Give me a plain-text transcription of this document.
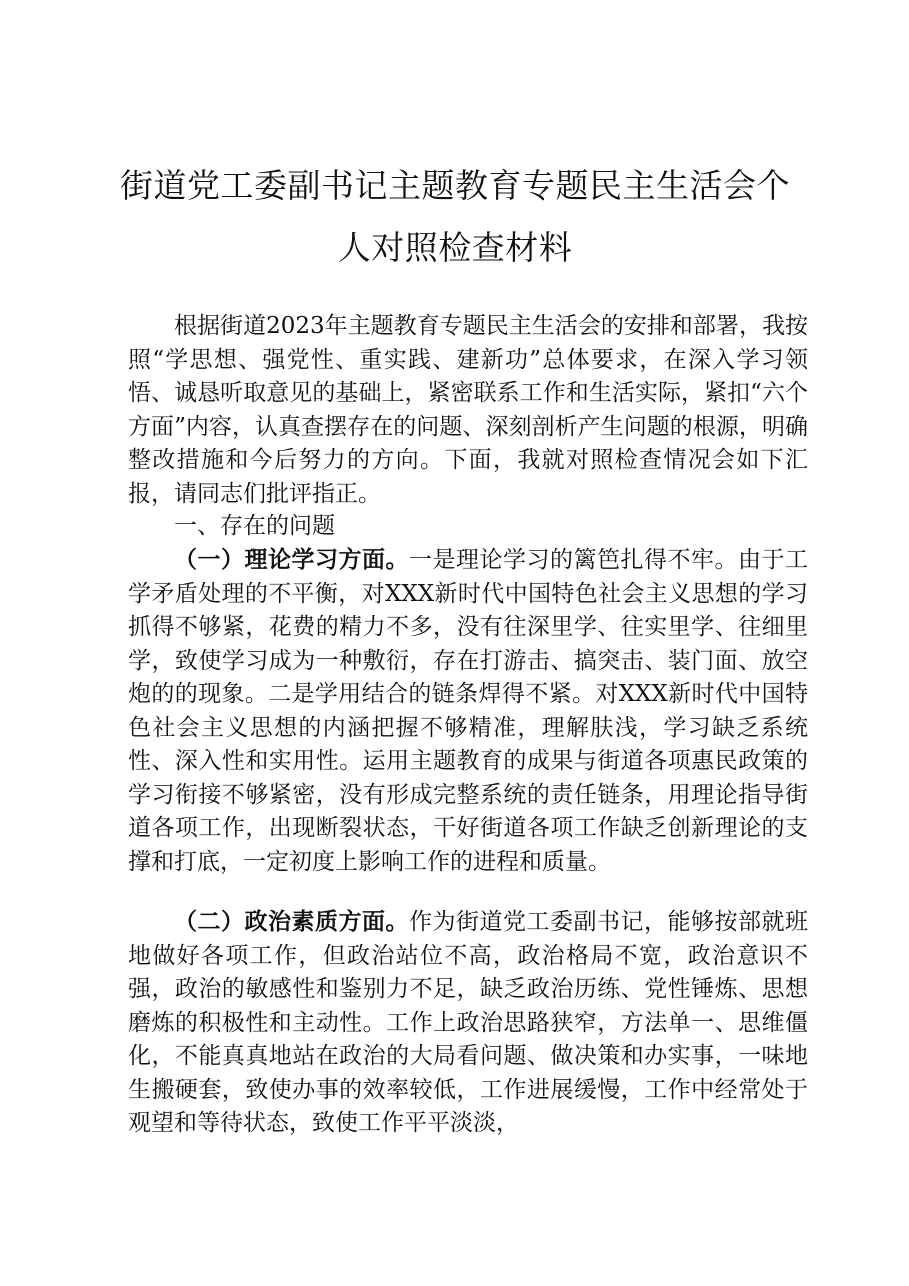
街道党工委副书记主题教育专题民主生活会个
人对照检查材料

根据街道2023年主题教育专题民主生活会的安排和部署，我按照“学思想、强党性、重实践、建新功”总体要求，在深入学习领悟、诚恳听取意见的基础上，紧密联系工作和生活实际，紧扣“六个方面”内容，认真查摆存在的问题、深刻剖析产生问题的根源，明确整改措施和今后努力的方向。下面，我就对照检查情况会如下汇报，请同志们批评指正。

一、存在的问题

（一）理论学习方面。一是理论学习的篱笆扎得不牢。由于工学矛盾处理的不平衡，对XXX新时代中国特色社会主义思想的学习抓得不够紧，花费的精力不多，没有往深里学、往实里学、往细里学，致使学习成为一种敷衍，存在打游击、搞突击、装门面、放空炮的的现象。二是学用结合的链条焊得不紧。对XXX新时代中国特色社会主义思想的内涵把握不够精准，理解肤浅，学习缺乏系统性、深入性和实用性。运用主题教育的成果与街道各项惠民政策的学习衔接不够紧密，没有形成完整系统的责任链条，用理论指导街道各项工作，出现断裂状态，干好街道各项工作缺乏创新理论的支撑和打底，一定初度上影响工作的进程和质量。

（二）政治素质方面。作为街道党工委副书记，能够按部就班地做好各项工作，但政治站位不高，政治格局不宽，政治意识不强，政治的敏感性和鉴别力不足，缺乏政治历练、党性锤炼、思想磨炼的积极性和主动性。工作上政治思路狭窄，方法单一、思维僵化，不能真真地站在政治的大局看问题、做决策和办实事，一味地生搬硬套，致使办事的效率较低，工作进展缓慢，工作中经常处于观望和等待状态，致使工作平平淡淡，
